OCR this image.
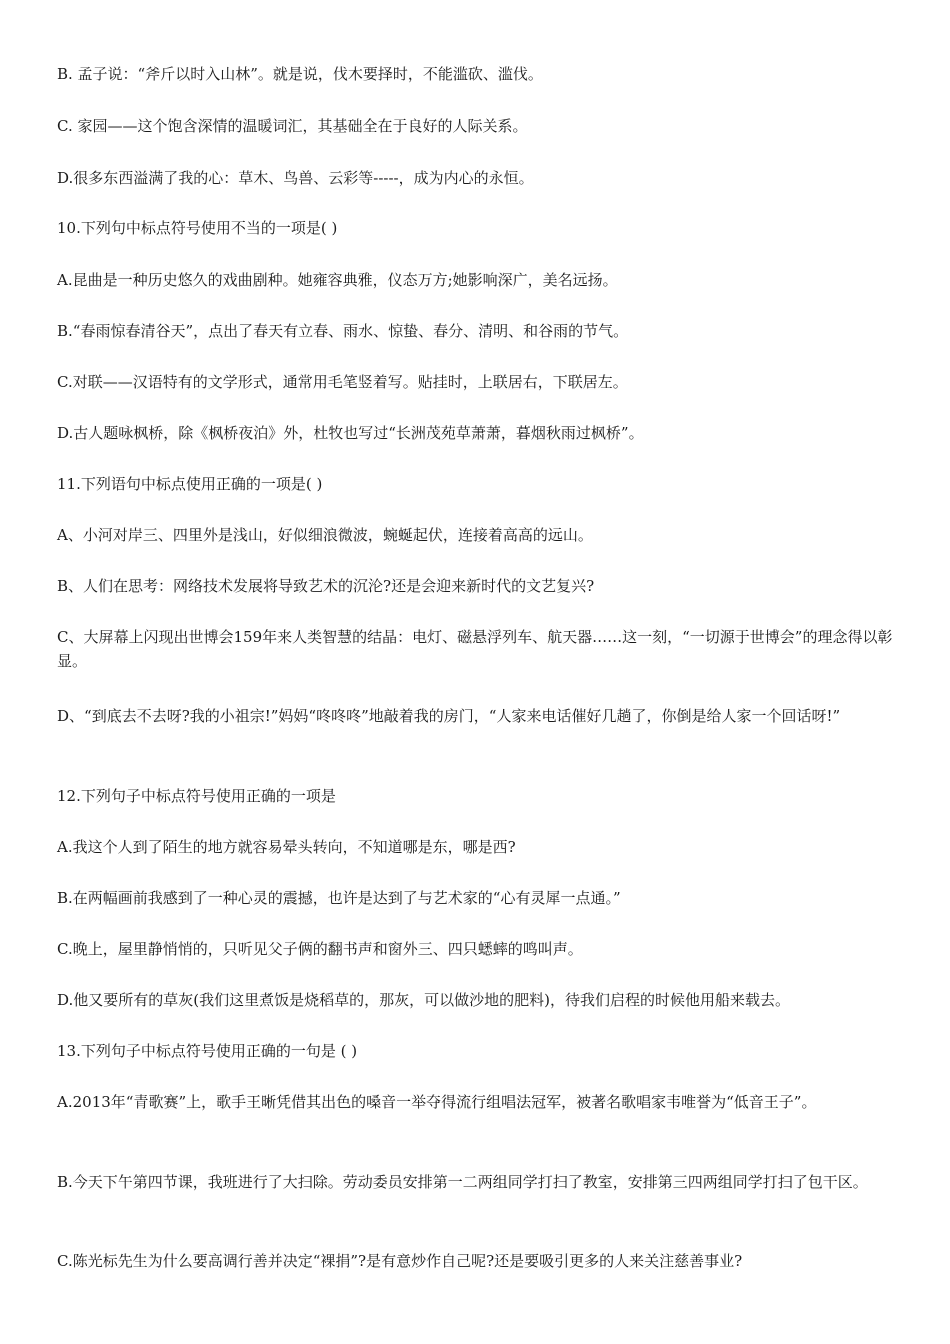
B. 孟子说：“斧斤以时入山林”。就是说，伐木要择时，不能滥砍、滥伐。

C. 家园——这个饱含深情的温暖词汇，其基础全在于良好的人际关系。

D.很多东西溢满了我的心：草木、鸟兽、云彩等-----，成为内心的永恒。

10.下列句中标点符号使用不当的一项是( )

A.昆曲是一种历史悠久的戏曲剧种。她雍容典雅，仪态万方;她影响深广，美名远扬。

B.“春雨惊春清谷天”，点出了春天有立春、雨水、惊蛰、春分、清明、和谷雨的节气。

C.对联——汉语特有的文学形式，通常用毛笔竖着写。贴挂时，上联居右，下联居左。

D.古人题咏枫桥，除《枫桥夜泊》外，杜牧也写过“长洲茂苑草萧萧，暮烟秋雨过枫桥”。

11.下列语句中标点使用正确的一项是( )

A、小河对岸三、四里外是浅山，好似细浪微波，蜿蜒起伏，连接着高高的远山。

B、人们在思考：网络技术发展将导致艺术的沉沦?还是会迎来新时代的文艺复兴?

C、大屏幕上闪现出世博会159年来人类智慧的结晶：电灯、磁悬浮列车、航天器……这一刻，“一切源于世博会”的理念得以彰显。

D、“到底去不去呀?我的小祖宗!”妈妈“咚咚咚”地敲着我的房门，“人家来电话催好几趟了，你倒是给人家一个回话呀!”

12.下列句子中标点符号使用正确的一项是

A.我这个人到了陌生的地方就容易晕头转向，不知道哪是东，哪是西?

B.在两幅画前我感到了一种心灵的震撼，也许是达到了与艺术家的“心有灵犀一点通。”

C.晚上，屋里静悄悄的，只听见父子俩的翻书声和窗外三、四只蟋蟀的鸣叫声。

D.他又要所有的草灰(我们这里煮饭是烧稻草的，那灰，可以做沙地的肥料)，待我们启程的时候他用船来载去。

13.下列句子中标点符号使用正确的一句是 ( )

A.2013年“青歌赛”上，歌手王晰凭借其出色的嗓音一举夺得流行组唱法冠军，被著名歌唱家韦唯誉为“低音王子”。

B.今天下午第四节课，我班进行了大扫除。劳动委员安排第一二两组同学打扫了教室，安排第三四两组同学打扫了包干区。

C.陈光标先生为什么要高调行善并决定“裸捐”?是有意炒作自己呢?还是要吸引更多的人来关注慈善事业?
